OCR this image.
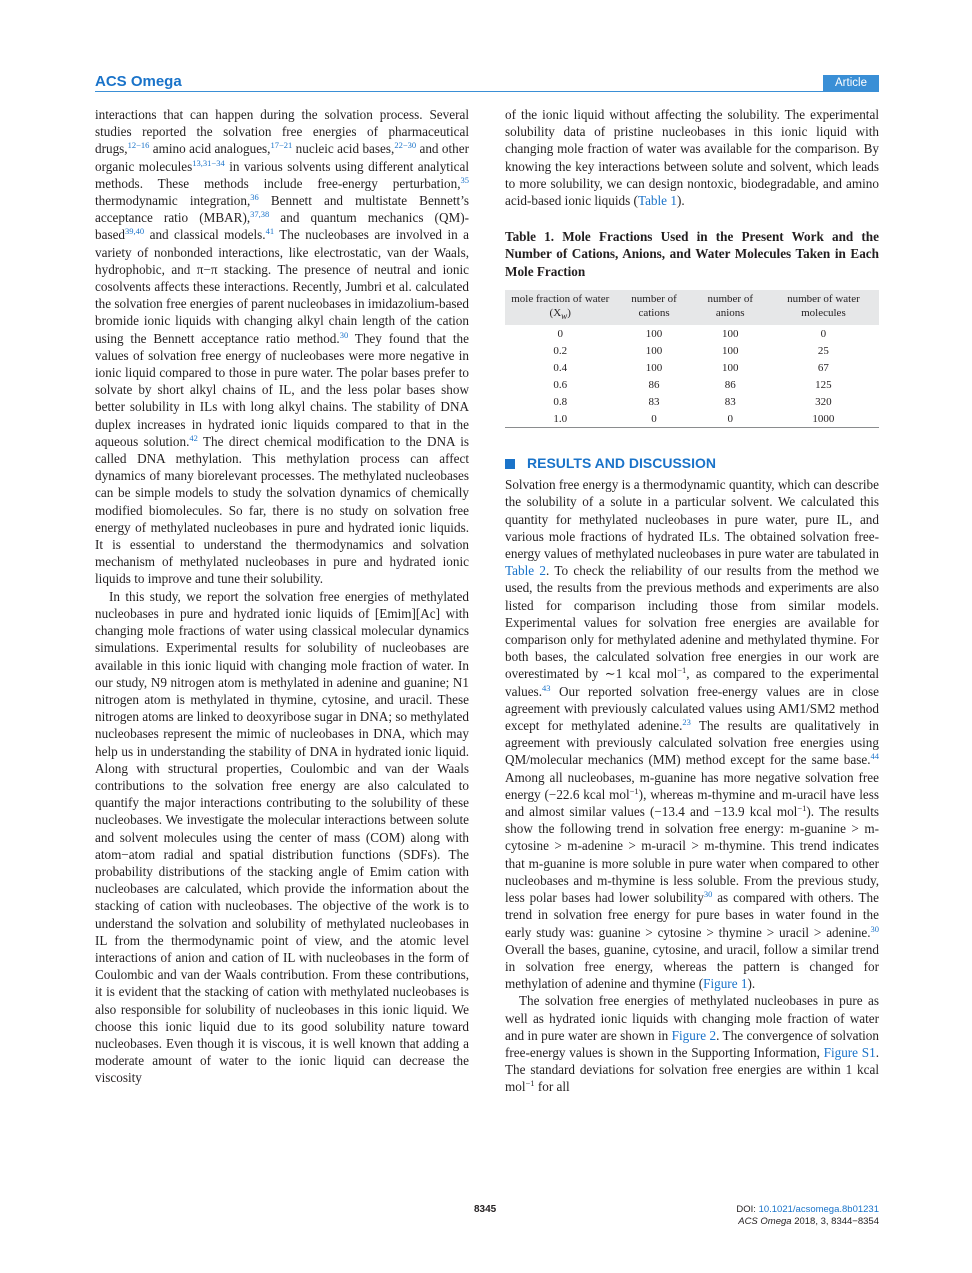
ACS Omega	Article

interactions that can happen during the solvation process. Several studies reported the solvation free energies of pharmaceutical drugs,$^{12-16}$ amino acid analogues,$^{17-21}$ nucleic acid bases,$^{22-30}$ and other organic molecules$^{13,31-34}$ in various solvents using different analytical methods. These methods include free-energy perturbation,$^{35}$ thermodynamic integration,$^{36}$ Bennett and multistate Bennett’s acceptance ratio (MBAR),$^{37,38}$ and quantum mechanics (QM)-based$^{39,40}$ and classical models.$^{41}$ The nucleobases are involved in a variety of nonbonded interactions, like electrostatic, van der Waals, hydrophobic, and π−π stacking. The presence of neutral and ionic cosolvents affects these interactions. Recently, Jumbri et al. calculated the solvation free energies of parent nucleobases in imidazolium-based bromide ionic liquids with changing alkyl chain length of the cation using the Bennett acceptance ratio method.$^{30}$ They found that the values of solvation free energy of nucleobases were more negative in ionic liquid compared to those in pure water. The polar bases prefer to solvate by short alkyl chains of IL, and the less polar bases show better solubility in ILs with long alkyl chains. The stability of DNA duplex increases in hydrated ionic liquids compared to that in the aqueous solution.$^{42}$ The direct chemical modification to the DNA is called DNA methylation. This methylation process can affect dynamics of many biorelevant processes. The methylated nucleobases can be simple models to study the solvation dynamics of chemically modified biomolecules. So far, there is no study on solvation free energy of methylated nucleobases in pure and hydrated ionic liquids. It is essential to understand the thermodynamics and solvation mechanism of methylated nucleobases in pure and hydrated ionic liquids to improve and tune their solubility.

In this study, we report the solvation free energies of methylated nucleobases in pure and hydrated ionic liquids of [Emim][Ac] with changing mole fractions of water using classical molecular dynamics simulations. Experimental results for solubility of nucleobases are available in this ionic liquid with changing mole fraction of water. In our study, N9 nitrogen atom is methylated in adenine and guanine; N1 nitrogen atom is methylated in thymine, cytosine, and uracil. These nitrogen atoms are linked to deoxyribose sugar in DNA; so methylated nucleobases represent the mimic of nucleobases in DNA, which may help us in understanding the stability of DNA in hydrated ionic liquid. Along with structural properties, Coulombic and van der Waals contributions to the solvation free energy are also calculated to quantify the major interactions contributing to the solubility of these nucleobases. We investigate the molecular interactions between solute and solvent molecules using the center of mass (COM) along with atom−atom radial and spatial distribution functions (SDFs). The probability distributions of the stacking angle of Emim cation with nucleobases are calculated, which provide the information about the stacking of cation with nucleobases. The objective of the work is to understand the solvation and solubility of methylated nucleobases in IL from the thermodynamic point of view, and the atomic level interactions of anion and cation of IL with nucleobases in the form of Coulombic and van der Waals contribution. From these contributions, it is evident that the stacking of cation with methylated nucleobases is also responsible for solubility of nucleobases in this ionic liquid. We choose this ionic liquid due to its good solubility nature toward nucleobases. Even though it is viscous, it is well known that adding a moderate amount of water to the ionic liquid can decrease the viscosity

of the ionic liquid without affecting the solubility. The experimental solubility data of pristine nucleobases in this ionic liquid with changing mole fraction of water was available for the comparison. By knowing the key interactions between solute and solvent, which leads to more solubility, we can design nontoxic, biodegradable, and amino acid-based ionic liquids (Table 1).

Table 1. Mole Fractions Used in the Present Work and the Number of Cations, Anions, and Water Molecules Taken in Each Mole Fraction
mole fraction of water $(X_w)$	number of cations	number of anions	number of water molecules
0	100	100	0
0.2	100	100	25
0.4	100	100	67
0.6	86	86	125
0.8	83	83	320
1.0	0	0	1000
RESULTS AND DISCUSSION

Solvation free energy is a thermodynamic quantity, which can describe the solubility of a solute in a particular solvent. We calculated this quantity for methylated nucleobases in pure water, pure IL, and various mole fractions of hydrated ILs. The obtained solvation free-energy values of methylated nucleobases in pure water are tabulated in Table 2. To check the reliability of our results from the method we used, the results from the previous methods and experiments are also listed for comparison including those from similar models. Experimental values for solvation free energies are available for comparison only for methylated adenine and methylated thymine. For both bases, the calculated solvation free energies in our work are overestimated by ∼1 kcal mol$^{-1}$, as compared to the experimental values.$^{43}$ Our reported solvation free-energy values are in close agreement with previously calculated values using AM1/SM2 method except for methylated adenine.$^{23}$ The results are qualitatively in agreement with previously calculated solvation free energies using QM/molecular mechanics (MM) method except for the same base.$^{44}$ Among all nucleobases, m-guanine has more negative solvation free energy (−22.6 kcal mol$^{-1}$), whereas m-thymine and m-uracil have less and almost similar values (−13.4 and −13.9 kcal mol$^{-1}$). The results show the following trend in solvation free energy: m-guanine > m-cytosine > m-adenine > m-uracil > m-thymine. This trend indicates that m-guanine is more soluble in pure water when compared to other nucleobases and m-thymine is less soluble. From the previous study, less polar bases had lower solubility$^{30}$ as compared with others. The trend in solvation free energy for pure bases in water found in the early study was: guanine > cytosine > thymine > uracil > adenine.$^{30}$ Overall the bases, guanine, cytosine, and uracil, follow a similar trend in solvation free energy, whereas the pattern is changed for methylation of adenine and thymine (Figure 1).

The solvation free energies of methylated nucleobases in pure as well as hydrated ionic liquids with changing mole fraction of water and in pure water are shown in Figure 2. The convergence of solvation free-energy values is shown in the Supporting Information, Figure S1. The standard deviations for solvation free energies are within 1 kcal mol$^{-1}$ for all

8345	DOI: 10.1021/acsomega.8b01231
ACS Omega 2018, 3, 8344−8354
